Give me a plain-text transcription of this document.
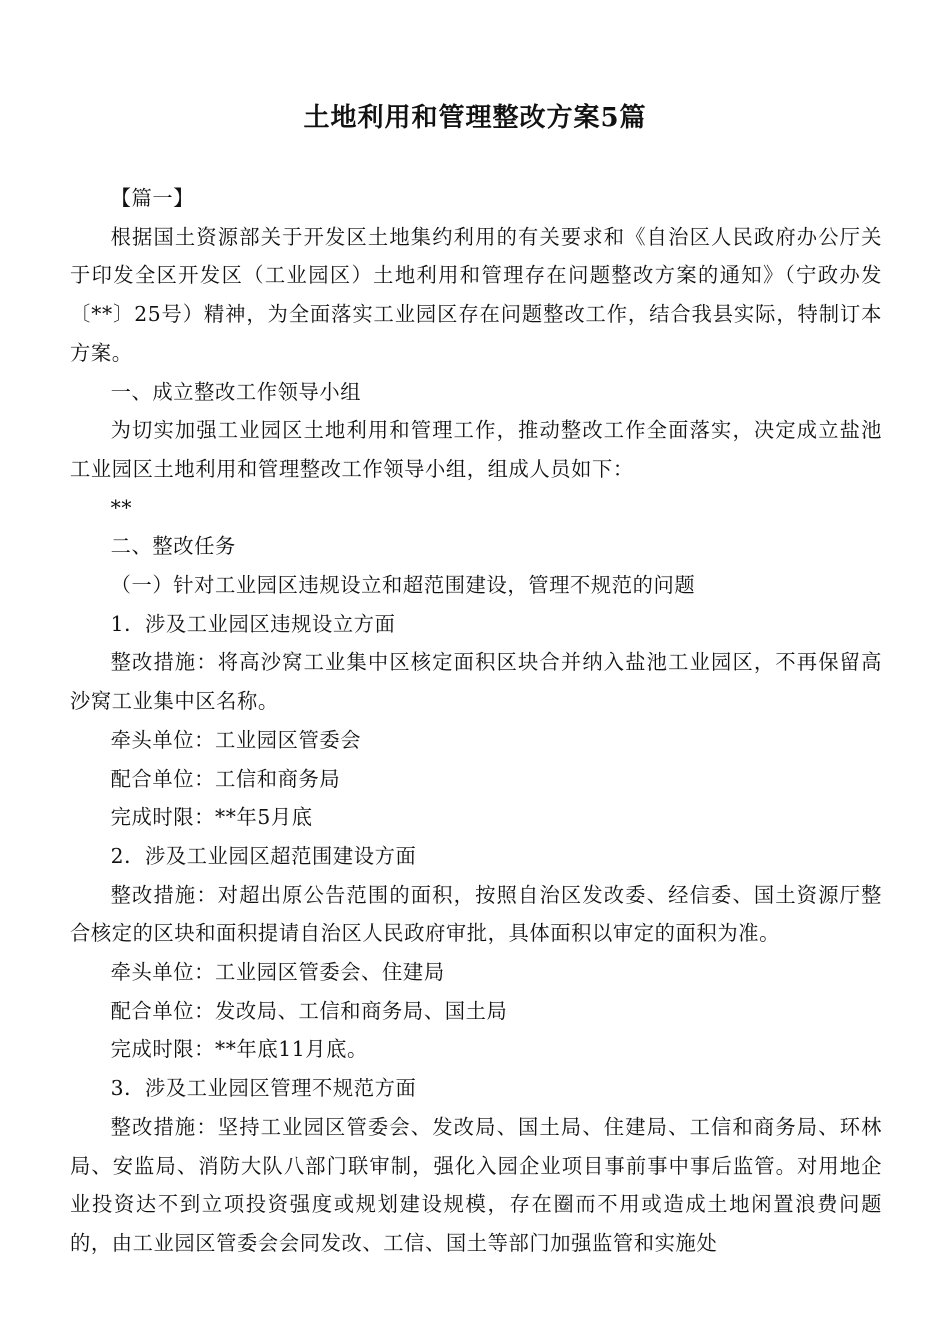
土地利用和管理整改方案5篇

【篇一】

根据国土资源部关于开发区土地集约利用的有关要求和《自治区人民政府办公厅关于印发全区开发区（工业园区）土地利用和管理存在问题整改方案的通知》（宁政办发〔**〕25号）精神，为全面落实工业园区存在问题整改工作，结合我县实际，特制订本方案。

一、成立整改工作领导小组

为切实加强工业园区土地利用和管理工作，推动整改工作全面落实，决定成立盐池工业园区土地利用和管理整改工作领导小组，组成人员如下：

**

二、整改任务

（一）针对工业园区违规设立和超范围建设，管理不规范的问题

1．涉及工业园区违规设立方面

整改措施：将高沙窝工业集中区核定面积区块合并纳入盐池工业园区，不再保留高沙窝工业集中区名称。

牵头单位：工业园区管委会

配合单位：工信和商务局

完成时限：**年5月底

2．涉及工业园区超范围建设方面

整改措施：对超出原公告范围的面积，按照自治区发改委、经信委、国土资源厅整合核定的区块和面积提请自治区人民政府审批，具体面积以审定的面积为准。

牵头单位：工业园区管委会、住建局

配合单位：发改局、工信和商务局、国土局

完成时限：**年底11月底。

3．涉及工业园区管理不规范方面

整改措施：坚持工业园区管委会、发改局、国土局、住建局、工信和商务局、环林局、安监局、消防大队八部门联审制，强化入园企业项目事前事中事后监管。对用地企业投资达不到立项投资强度或规划建设规模，存在圈而不用或造成土地闲置浪费问题的，由工业园区管委会会同发改、工信、国土等部门加强监管和实施处
